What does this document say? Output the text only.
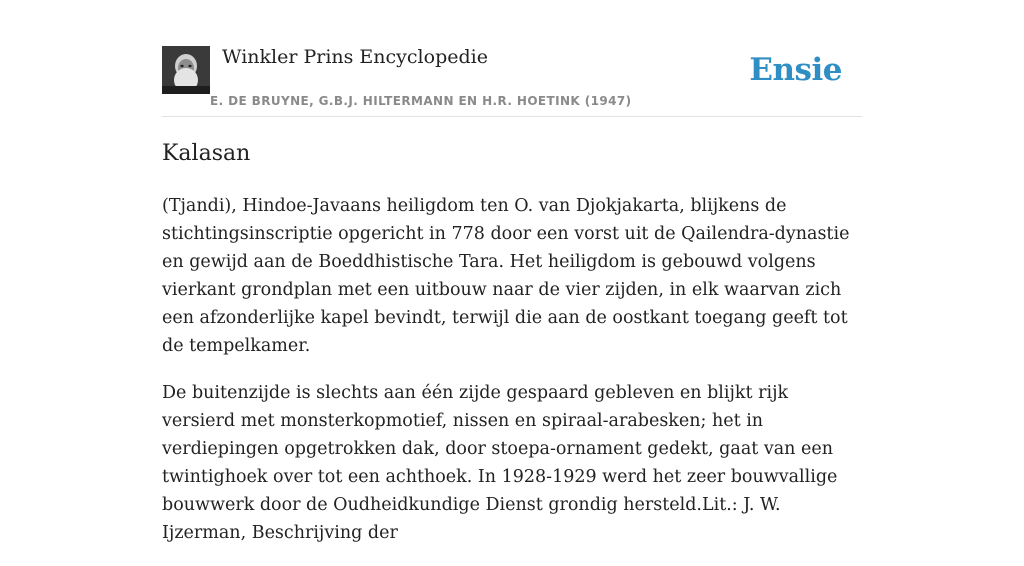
Winkler Prins Encyclopedie
E. DE BRUYNE, G.B.J. HILTERMANN EN H.R. HOETINK (1947)
Ensie
Kalasan

(Tjandi), Hindoe-Javaans heiligdom ten O. van Djokjakarta, blijkens de stichtingsinscriptie opgericht in 778 door een vorst uit de Qailendra-dynastie en gewijd aan de Boeddhistische Tara. Het heiligdom is gebouwd volgens vierkant grondplan met een uitbouw naar de vier zijden, in elk waarvan zich een afzonderlijke kapel bevindt, terwijl die aan de oostkant toegang geeft tot de tempelkamer.

De buitenzijde is slechts aan één zijde gespaard gebleven en blijkt rijk versierd met monsterkopmotief, nissen en spiraal-arabesken; het in verdiepingen opgetrokken dak, door stoepa-ornament gedekt, gaat van een twintighoek over tot een achthoek. In 1928-1929 werd het zeer bouwvallige bouwwerk door de Oudheidkundige Dienst grondig hersteld.Lit.: J. W. Ijzerman, Beschrijving der
